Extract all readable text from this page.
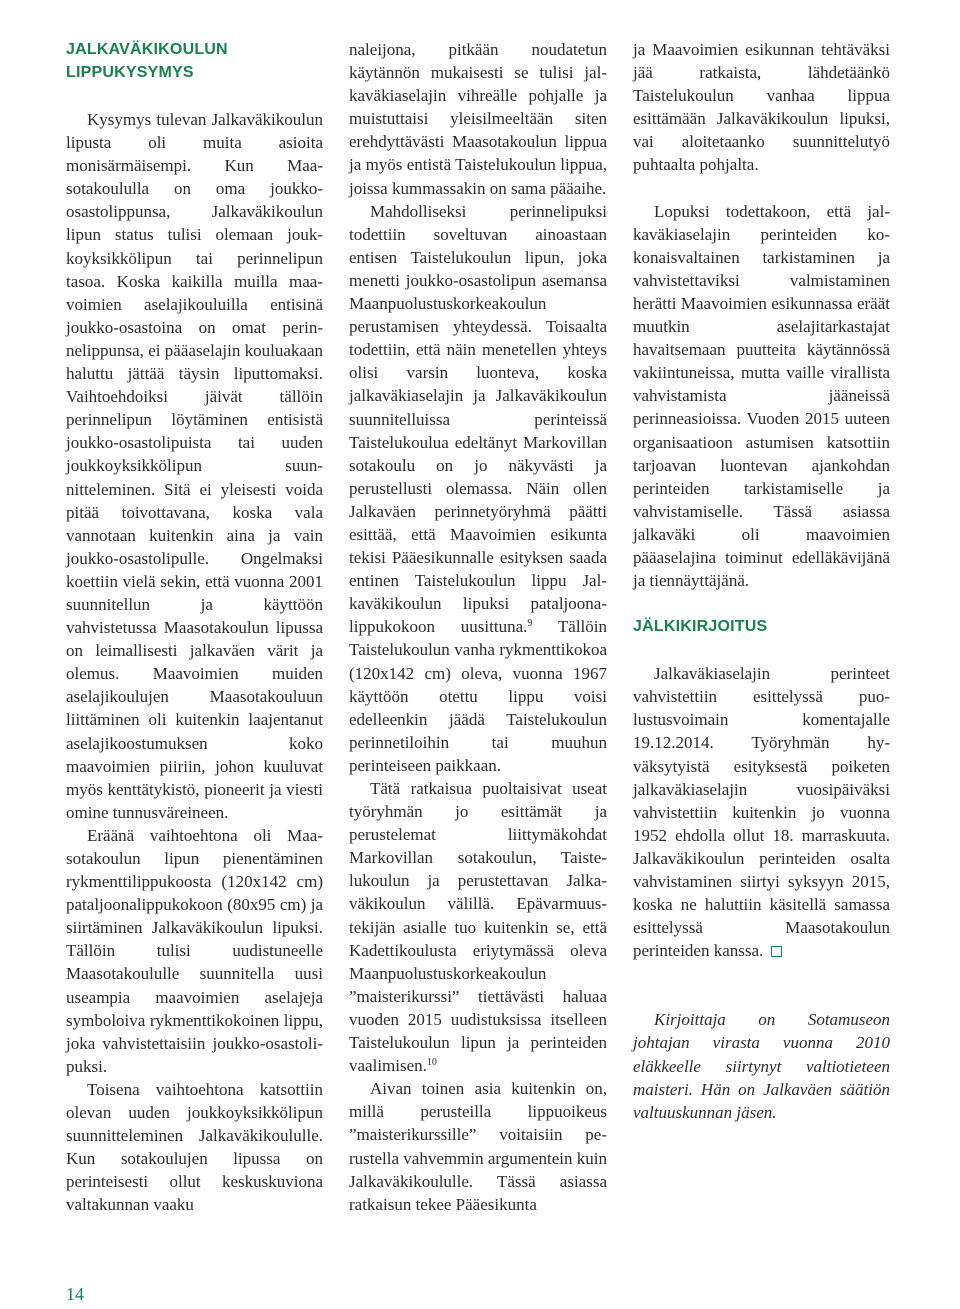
JALKAVÄKIKOULUN LIPPUKYSYMYS

Kysymys tulevan Jalkaväkikoulun lipusta oli muita asioita monisärmäisempi. Kun Maasotakoululla on oma joukkoosastolippunsa, Jalkaväkikoulun lipun status tulisi olemaan joukkoyksikkölipun tai perinnelipun tasoa. Koska kaikilla muilla maavoimien aselajikouluilla entisinä joukko-osastoina on omat perinnelippunsa, ei pääaselajin kouluakaan haluttu jättää täysin liputtomaksi. Vaihtoehdoiksi jäivät tällöin perinnelipun löytäminen entisistä joukko-osastolipuista tai uuden joukkoyksikkölipun suunnitteleminen. Sitä ei yleisesti voida pitää toivottavana, koska vala vannotaan kuitenkin aina ja vain joukko-osastolipulle. Ongelmaksi koettiin vielä sekin, että vuonna 2001 suunnitellun ja käyttöön vahvistetussa Maasotakoulun lipussa on leimallisesti jalkaväen värit ja olemus. Maavoimien muiden aselajikoulujen Maasotakouluun liittäminen oli kuitenkin laajentanut aselajikoostumuksen koko maavoimien piiriin, johon kuuluvat myös kenttätykistö, pioneerit ja viesti omine tunnusväreineen.

Eräänä vaihtoehtona oli Maasotakoulun lipun pienentäminen rykmenttilippukoosta (120x142 cm) pataljoonalippukokoon (80x95 cm) ja siirtäminen Jalkaväkikoulun lipuksi. Tällöin tulisi uudistuneelle Maasotakoululle suunnitella uusi useampia maavoimien aselajeja symboloiva rykmenttikokoinen lippu, joka vahvistettaisiin joukko-osastolipuksi.

Toisena vaihtoehtona katsottiin olevan uuden joukkoyksikkölipun suunnitteleminen Jalkaväkikoululle. Kun sotakoulujen lipussa on perinteisesti ollut keskuskuviona valtakunnan vaaku

naleijona, pitkään noudatetun käytännön mukaisesti se tulisi jalkaväkiaselajin vihreälle pohjalle ja muistuttaisi yleisilmeeltään siten erehdyttävästi Maasotakoulun lippua ja myös entistä Taistelukoulun lippua, joissa kummassakin on sama pääaihe.

Mahdolliseksi perinnelipuksi todettiin soveltuvan ainoastaan entisen Taistelukoulun lipun, joka menetti joukko-osastolipun asemansa Maanpuolustuskorkeakoulun perustamisen yhteydessä. Toisaalta todettiin, että näin menetellen yhteys olisi varsin luonteva, koska jalkaväkiaselajin ja Jalkaväkikoulun suunnitelluissa perinteissä Taistelukoulua edeltänyt Markovillan sotakoulu on jo näkyvästi ja perustellusti olemassa. Näin ollen Jalkaväen perinnetyöryhmä päätti esittää, että Maavoimien esikunta tekisi Pääesikunnalle esityksen saada entinen Taistelukoulun lippu Jalkaväkikoulun lipuksi pataljoonalippukokoon uusittuna.$^9$ Tällöin Taistelukoulun vanha rykmenttikokoa (120x142 cm) oleva, vuonna 1967 käyttöön otettu lippu voisi edelleenkin jäädä Taistelukoulun perinnetiloihin tai muuhun perinteiseen paikkaan.

Tätä ratkaisua puoltaisivat useat työryhmän jo esittämät ja perustelemat liittymäkohdat Markovillan sotakoulun, Taistelukoulun ja perustettavan Jalkaväkikoulun välillä. Epävarmuustekijän asialle tuo kuitenkin se, että Kadettikoulusta eriytymässä oleva Maanpuolustuskorkeakoulun ”maisterikurssi” tiettävästi haluaa vuoden 2015 uudistuksissa itselleen Taistelukoulun lipun ja perinteiden vaalimisen.$^{10}$

Aivan toinen asia kuitenkin on, millä perusteilla lippuoikeus ”maisterikurssille” voitaisiin perustella vahvemmin argumentein kuin Jalkaväkikoululle. Tässä asiassa ratkaisun tekee Pääesikunta

ja Maavoimien esikunnan tehtäväksi jää ratkaista, lähdetäänkö Taistelukoulun vanhaa lippua esittämään Jalkaväkikoulun lipuksi, vai aloitetaanko suunnittelutyö puhtaalta pohjalta.

Lopuksi todettakoon, että jalkaväkiaselajin perinteiden kokonaisvaltainen tarkistaminen ja vahvistettaviksi valmistaminen herätti Maavoimien esikunnassa eräät muutkin aselajitarkastajat havaitsemaan puutteita käytännössä vakiintuneissa, mutta vaille virallista vahvistamista jääneissä perinneasioissa. Vuoden 2015 uuteen organisaatioon astumisen katsottiin tarjoavan luontevan ajankohdan perinteiden tarkistamiselle ja vahvistamiselle. Tässä asiassa jalkaväki oli maavoimien pääaselajina toiminut edelläkävijänä ja tiennäyttäjänä.

JÄLKIKIRJOITUS

Jalkaväkiaselajin perinteet vahvistettiin esittelyssä puolustusvoimain komentajalle 19.12.2014. Työryhmän hyväksytyistä esityksestä poiketen jalkaväkiaselajin vuosipäiväksi vahvistettiin kuitenkin jo vuonna 1952 ehdolla ollut 18. marraskuuta. Jalkaväkikoulun perinteiden osalta vahvistaminen siirtyi syksyyn 2015, koska ne haluttiin käsitellä samassa esittelyssä Maasotakoulun perinteiden kanssa.

Kirjoittaja on Sotamuseon johtajan virasta vuonna 2010 eläkkeelle siirtynyt valtiotieteen maisteri. Hän on Jalkaväen säätiön valtuuskunnan jäsen.

14
